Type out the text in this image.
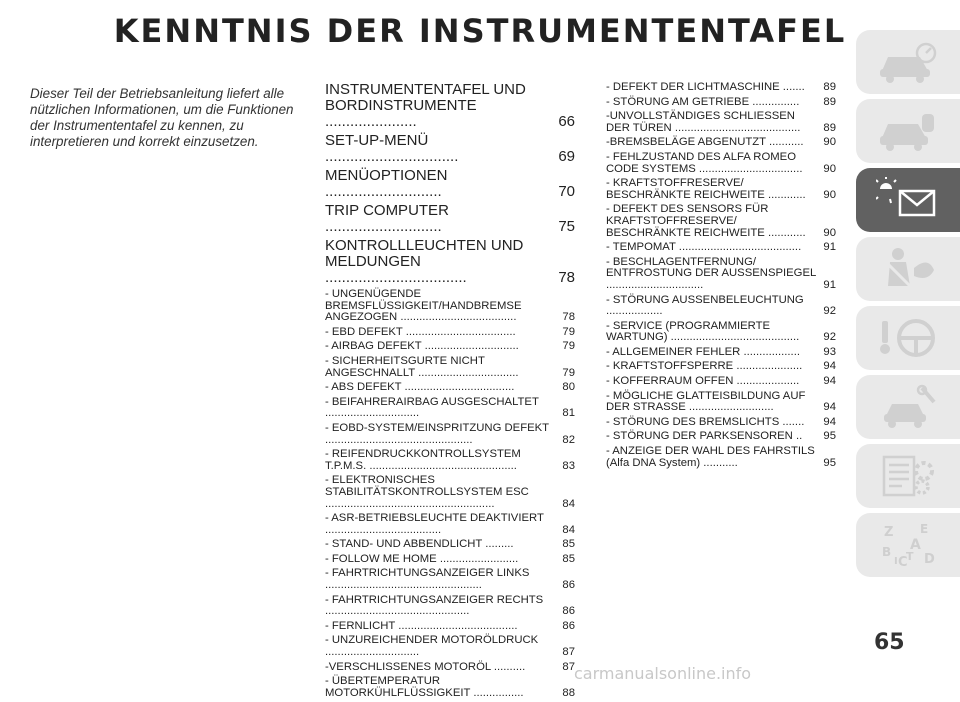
KENNTNIS DER INSTRUMENTENTAFEL
Dieser Teil der Betriebsanleitung liefert alle nützlichen Informationen, um die Funktionen der Instrumententafel zu kennen, zu interpretieren und korrekt einzusetzen.
INSTRUMENTENTAFEL UND BORDINSTRUMENTE ......................	66
SET-UP-MENÜ ................................	69
MENÜOPTIONEN ............................	70
TRIP COMPUTER ............................	75
KONTROLLLEUCHTEN UND MELDUNGEN ..................................	78
- UNGENÜGENDE BREMSFLÜSSIGKEIT/HANDBREMSE ANGEZOGEN .....................................	78
- EBD DEFEKT ...................................	79
- AIRBAG DEFEKT ..............................	79
- SICHERHEITSGURTE NICHT ANGESCHNALLT ................................	79
- ABS DEFEKT ...................................	80
- BEIFAHRERAIRBAG AUSGESCHALTET ..............................	81
- EOBD-SYSTEM/EINSPRITZUNG DEFEKT ...............................................	82
- REIFENDRUCKKONTROLLSYSTEM T.P.M.S. ...............................................	83
- ELEKTRONISCHES STABILITÄTSKONTROLLSYSTEM ESC ......................................................	84
- ASR-BETRIEBSLEUCHTE DEAKTIVIERT .....................................	84
- STAND- UND ABBENDLICHT .........	85
- FOLLOW ME HOME .........................	85
- FAHRTRICHTUNGSANZEIGER LINKS ..................................................	86
- FAHRTRICHTUNGSANZEIGER RECHTS ..............................................	86
- FERNLICHT ......................................	86
- UNZUREICHENDER MOTORÖLDRUCK ..............................	87
-VERSCHLISSENES MOTORÖL ..........	87
- ÜBERTEMPERATUR MOTORKÜHLFLÜSSIGKEIT ................	88
- DEFEKT DER LICHTMASCHINE .......	89
- STÖRUNG AM GETRIEBE ...............	89
-UNVOLLSTÄNDIGES SCHLIESSEN DER TÜREN ........................................	89
-BREMSBELÄGE ABGENUTZT ...........	90
- FEHLZUSTAND DES ALFA ROMEO CODE SYSTEMS .................................	90
- KRAFTSTOFFRESERVE/ BESCHRÄNKTE REICHWEITE ............	90
- DEFEKT DES SENSORS FÜR KRAFTSTOFFRESERVE/ BESCHRÄNKTE REICHWEITE ............	90
- TEMPOMAT .......................................	91
- BESCHLAGENTFERNUNG/ ENTFROSTUNG DER AUSSENSPIEGEL ...............................	91
- STÖRUNG AUSSENBELEUCHTUNG ..................	92
- SERVICE (PROGRAMMIERTE WARTUNG) .........................................	92
- ALLGEMEINER FEHLER ..................	93
- KRAFTSTOFFSPERRE .....................	94
- KOFFERRAUM OFFEN ....................	94
- MÖGLICHE GLATTEISBILDUNG AUF DER STRASSE ...........................	94
- STÖRUNG DES BREMSLICHTS .......	94
- STÖRUNG DER PARKSENSOREN ..	95
- ANZEIGE DER WAHL DES FAHRSTILS (Alfa DNA System) ...........	95
Z E
A
B
C
T D
I
65
carmanualsonline.info
